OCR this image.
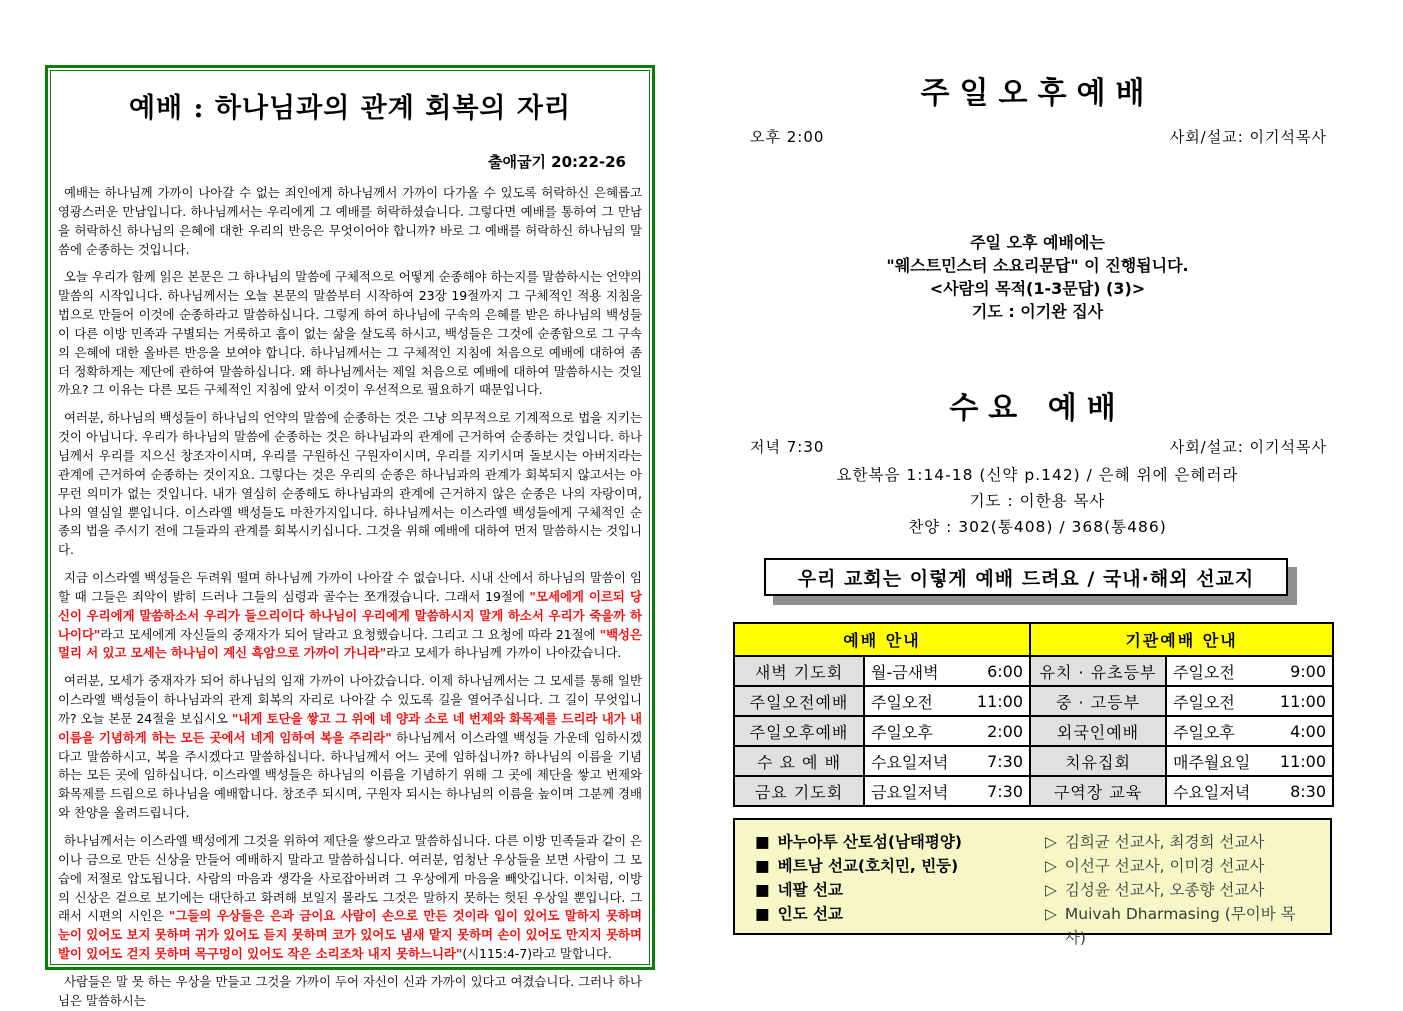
예배 : 하나님과의 관계 회복의 자리
출애굽기 20:22-26

예배는 하나님께 가까이 나아갈 수 없는 죄인에게 하나님께서 가까이 다가올 수 있도록 허락하신 은혜롭고 영광스러운 만남입니다. 하나님께서는 우리에게 그 예배를 허락하셨습니다. 그렇다면 예배를 통하여 그 만남을 허락하신 하나님의 은혜에 대한 우리의 반응은 무엇이어야 합니까? 바로 그 예배를 허락하신 하나님의 말씀에 순종하는 것입니다.

오늘 우리가 함께 읽은 본문은 그 하나님의 말씀에 구체적으로 어떻게 순종해야 하는지를 말씀하시는 언약의 말씀의 시작입니다. 하나님께서는 오늘 본문의 말씀부터 시작하여 23장 19절까지 그 구체적인 적용 지침을 법으로 만들어 이것에 순종하라고 말씀하십니다. 그렇게 하여 하나님에 구속의 은혜를 받은 하나님의 백성들이 다른 이방 민족과 구별되는 거룩하고 흠이 없는 삶을 살도록 하시고, 백성들은 그것에 순종함으로 그 구속의 은혜에 대한 올바른 반응을 보여야 합니다. 하나님께서는 그 구체적인 지침에 처음으로 예배에 대하여 좀 더 정확하게는 제단에 관하여 말씀하십니다. 왜 하나님께서는 제일 처음으로 예배에 대하여 말씀하시는 것일까요? 그 이유는 다른 모든 구체적인 지침에 앞서 이것이 우선적으로 필요하기 때문입니다.

여러분, 하나님의 백성들이 하나님의 언약의 말씀에 순종하는 것은 그냥 의무적으로 기계적으로 법을 지키는 것이 아닙니다. 우리가 하나님의 말씀에 순종하는 것은 하나님과의 관계에 근거하여 순종하는 것입니다. 하나님께서 우리를 지으신 창조자이시며, 우리를 구원하신 구원자이시며, 우리를 지키시며 돌보시는 아버지라는 관계에 근거하여 순종하는 것이지요. 그렇다는 것은 우리의 순종은 하나님과의 관계가 회복되지 않고서는 아무런 의미가 없는 것입니다. 내가 열심히 순종해도 하나님과의 관계에 근거하지 않은 순종은 나의 자랑이며, 나의 열심일 뿐입니다. 이스라엘 백성들도 마찬가지입니다. 하나님께서는 이스라엘 백성들에게 구체적인 순종의 법을 주시기 전에 그들과의 관계를 회복시키십니다. 그것을 위해 예배에 대하여 먼저 말씀하시는 것입니다.

지금 이스라엘 백성들은 두려워 떨며 하나님께 가까이 나아갈 수 없습니다. 시내 산에서 하나님의 말씀이 임할 때 그들은 죄악이 밝히 드러나 그들의 심령과 골수는 쪼개졌습니다. 그래서 19절에 "모세에게 이르되 당신이 우리에게 말씀하소서 우리가 들으리이다 하나님이 우리에게 말씀하시지 말게 하소서 우리가 죽을까 하나이다"라고 모세에게 자신들의 중재자가 되어 달라고 요청했습니다. 그리고 그 요청에 따라 21절에 "백성은 멀리 서 있고 모세는 하나님이 계신 흑암으로 가까이 가니라"라고 모세가 하나님께 가까이 나아갔습니다.

여러분, 모세가 중재자가 되어 하나님의 임재 가까이 나아갔습니다. 이제 하나님께서는 그 모세를 통해 일반 이스라엘 백성들이 하나님과의 관계 회복의 자리로 나아갈 수 있도록 길을 열어주십니다. 그 길이 무엇입니까? 오늘 본문 24절을 보십시오 "내게 토단을 쌓고 그 위에 네 양과 소로 네 번제와 화목제를 드리라 내가 내 이름을 기념하게 하는 모든 곳에서 네게 임하여 복을 주리라" 하나님께서 이스라엘 백성들 가운데 임하시겠다고 말씀하시고, 복을 주시겠다고 말씀하십니다. 하나님께서 어느 곳에 임하십니까? 하나님의 이름을 기념하는 모든 곳에 임하십니다. 이스라엘 백성들은 하나님의 이름을 기념하기 위해 그 곳에 제단을 쌓고 번제와 화목제를 드림으로 하나님을 예배합니다. 창조주 되시며, 구원자 되시는 하나님의 이름을 높이며 그분께 경배와 찬양을 올려드립니다.

하나님께서는 이스라엘 백성에게 그것을 위하여 제단을 쌓으라고 말씀하십니다. 다른 이방 민족들과 같이 은이나 금으로 만든 신상을 만들어 예배하지 말라고 말씀하십니다. 여러분, 엄청난 우상들을 보면 사람이 그 모습에 저절로 압도됩니다. 사람의 마음과 생각을 사로잡아버려 그 우상에게 마음을 빼앗깁니다. 이처럼, 이방의 신상은 겉으로 보기에는 대단하고 화려해 보일지 몰라도 그것은 말하지 못하는 헛된 우상일 뿐입니다. 그래서 시편의 시인은 "그들의 우상들은 은과 금이요 사람이 손으로 만든 것이라 입이 있어도 말하지 못하며 눈이 있어도 보지 못하며 귀가 있어도 듣지 못하며 코가 있어도 냄새 맡지 못하며 손이 있어도 만지지 못하며 발이 있어도 걷지 못하며 목구멍이 있어도 작은 소리조차 내지 못하느니라"(시115:4-7)라고 말합니다.

사람들은 말 못 하는 우상을 만들고 그것을 가까이 두어 자신이 신과 가까이 있다고 여겼습니다. 그러나 하나님은 말씀하시는

주일오후예배
오후 2:00	사회/설교: 이기석목사
주일 오후 예배에는
"웨스트민스터 소요리문답" 이 진행됩니다.
<사람의 목적(1-3문답) (3)>
기도 : 이기완 집사
수요 예배
저녁 7:30	사회/설교: 이기석목사
요한복음 1:14-18 (신약 p.142) / 은혜 위에 은혜러라
기도 : 이한용 목사
찬양 : 302(통408) / 368(통486)
우리 교회는 이렇게 예배 드려요 / 국내·해외 선교지
예배 안내		기관예배 안내	
새벽 기도회	월-금새벽 6:00	유치 · 유초등부	주일오전 9:00

주일오전예배	주일오전 11:00	중 · 고등부	주일오전 11:00

주일오후예배	주일오후 2:00	외국인예배	주일오후 4:00

수 요 예 배	수요일저녁 7:30	치유집회	매주월요일 11:00

금요 기도회	금요일저녁 7:30	구역장 교육	수요일저녁 8:30
■ 바누아투 산토섬(남태평양)	▷ 김희균 선교사, 최경희 선교사
■ 베트남 선교(호치민, 빈둥)	▷ 이선구 선교사, 이미경 선교사
■ 네팔 선교	▷ 김성윤 선교사, 오종향 선교사
■ 인도 선교	▷ Muivah Dharmasing (무이바 목사)
